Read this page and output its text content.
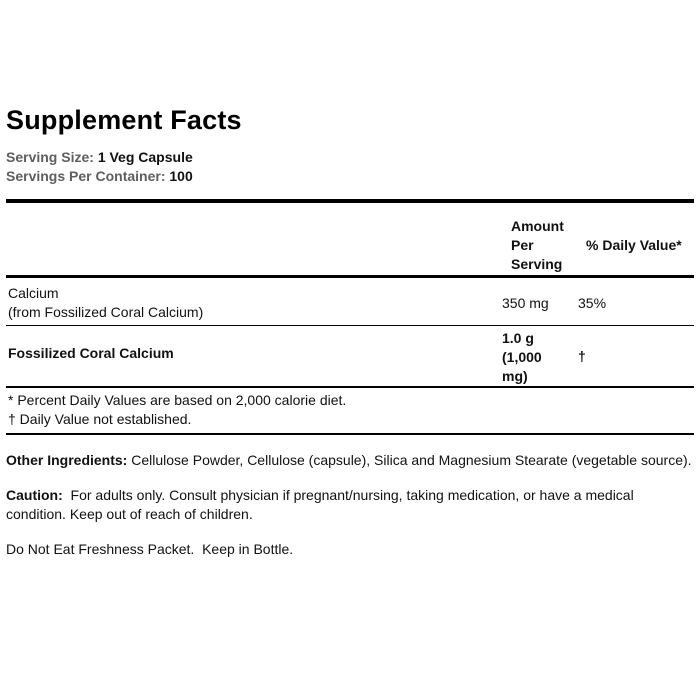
Supplement Facts
Serving Size: 1 Veg Capsule
Servings Per Container: 100
Amount
Per
Serving
% Daily Value*
Calcium
(from Fossilized Coral Calcium)
350 mg 35%
Fossilized Coral Calcium
1.0 g
(1,000
mg)
†
* Percent Daily Values are based on 2,000 calorie diet.
† Daily Value not established.
Other Ingredients: Cellulose Powder, Cellulose (capsule), Silica and Magnesium Stearate (vegetable source).
Caution:  For adults only. Consult physician if pregnant/nursing, taking medication, or have a medical condition. Keep out of reach of children.
Do Not Eat Freshness Packet.  Keep in Bottle.
